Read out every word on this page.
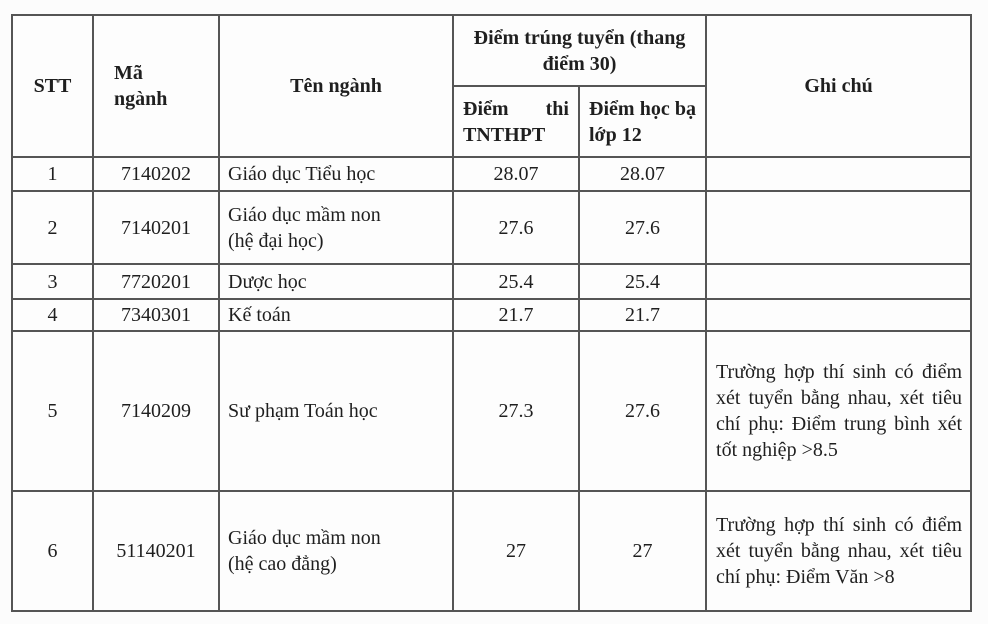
STT	Mã ngành	Tên ngành	Điểm trúng tuyển (thang điểm 30)		Ghi chú
			Điểm thi TNTHPT	Điểm học bạ lớp 12	
1	7140202	Giáo dục Tiểu học	28.07	28.07	
2	7140201	Giáo dục mầm non (hệ đại học)	27.6	27.6	
3	7720201	Dược học	25.4	25.4	
4	7340301	Kế toán	21.7	21.7	
5	7140209	Sư phạm Toán học	27.3	27.6	Trường hợp thí sinh có điểm xét tuyển bằng nhau, xét tiêu chí phụ: Điểm trung bình xét tốt nghiệp >8.5
6	51140201	Giáo dục mầm non (hệ cao đẳng)	27	27	Trường hợp thí sinh có điểm xét tuyển bằng nhau, xét tiêu chí phụ: Điểm Văn >8
